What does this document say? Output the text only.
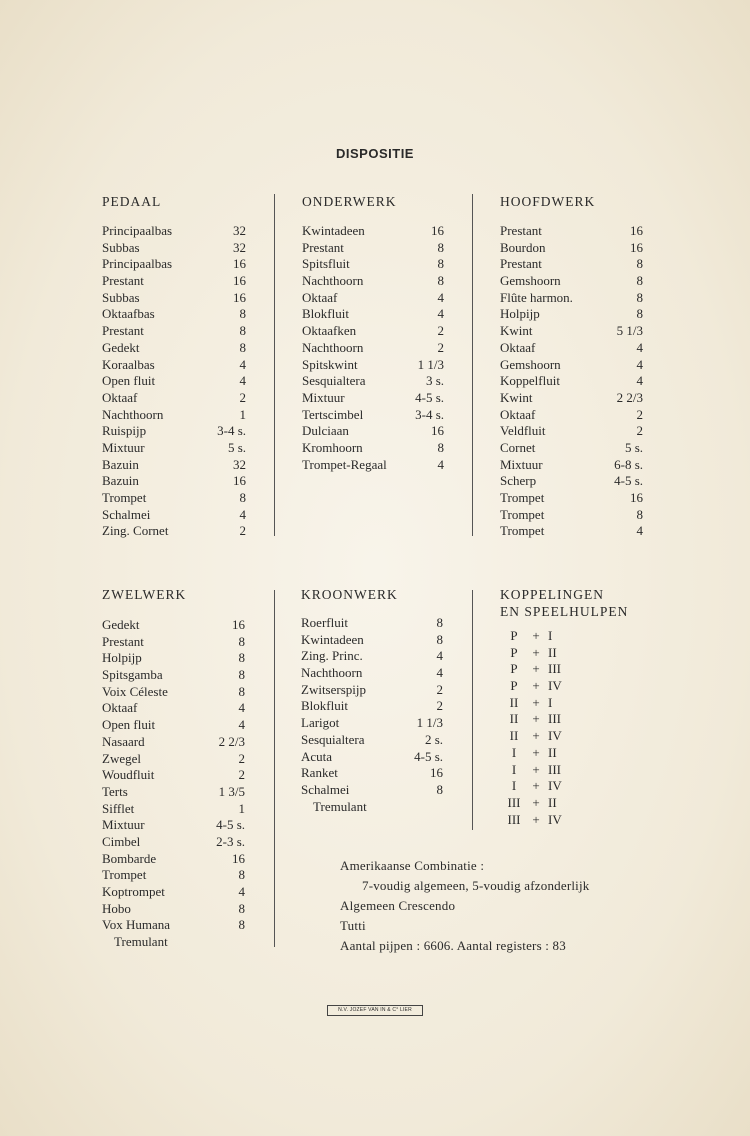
DISPOSITIE
PEDAAL
Principaalbas	32
Subbas	32
Principaalbas	16
Prestant	16
Subbas	16
Oktaafbas	8
Prestant	8
Gedekt	8
Koraalbas	4
Open fluit	4
Oktaaf	2
Nachthoorn	1
Ruispijp	3-4 s.
Mixtuur	5 s.
Bazuin	32
Bazuin	16
Trompet	8
Schalmei	4
Zing. Cornet	2
ONDERWERK
Kwintadeen	16
Prestant	8
Spitsfluit	8
Nachthoorn	8
Oktaaf	4
Blokfluit	4
Oktaafken	2
Nachthoorn	2
Spitskwint	1 1/3
Sesquialtera	3 s.
Mixtuur	4-5 s.
Tertscimbel	3-4 s.
Dulciaan	16
Kromhoorn	8
Trompet-Regaal	4
HOOFDWERK
Prestant	16
Bourdon	16
Prestant	8
Gemshoorn	8
Flûte harmon.	8
Holpijp	8
Kwint	5 1/3
Oktaaf	4
Gemshoorn	4
Koppelfluit	4
Kwint	2 2/3
Oktaaf	2
Veldfluit	2
Cornet	5 s.
Mixtuur	6-8 s.
Scherp	4-5 s.
Trompet	16
Trompet	8
Trompet	4
ZWELWERK
Gedekt	16
Prestant	8
Holpijp	8
Spitsgamba	8
Voix Céleste	8
Oktaaf	4
Open fluit	4
Nasaard	2 2/3
Zwegel	2
Woudfluit	2
Terts	1 3/5
Sifflet	1
Mixtuur	4-5 s.
Cimbel	2-3 s.
Bombarde	16
Trompet	8
Koptrompet	4
Hobo	8
Vox Humana	8
Tremulant
KROONWERK
Roerfluit	8
Kwintadeen	8
Zing. Princ.	4
Nachthoorn	4
Zwitserspijp	2
Blokfluit	2
Larigot	1 1/3
Sesquialtera	2 s.
Acuta	4-5 s.
Ranket	16
Schalmei	8
Tremulant
KOPPELINGEN
EN SPEELHULPEN
P	+ I
P	+ II
P	+ III
P	+ IV
II	+ I
II	+ III
II	+ IV
I	+ II
I	+ III
I	+ IV
III + II
III + IV
Amerikaanse Combinatie :
7-voudig algemeen, 5-voudig afzonderlijk
Algemeen Crescendo
Tutti
Aantal pijpen : 6606. Aantal registers : 83
N.V. JOZEF VAN IN & C° LIER
